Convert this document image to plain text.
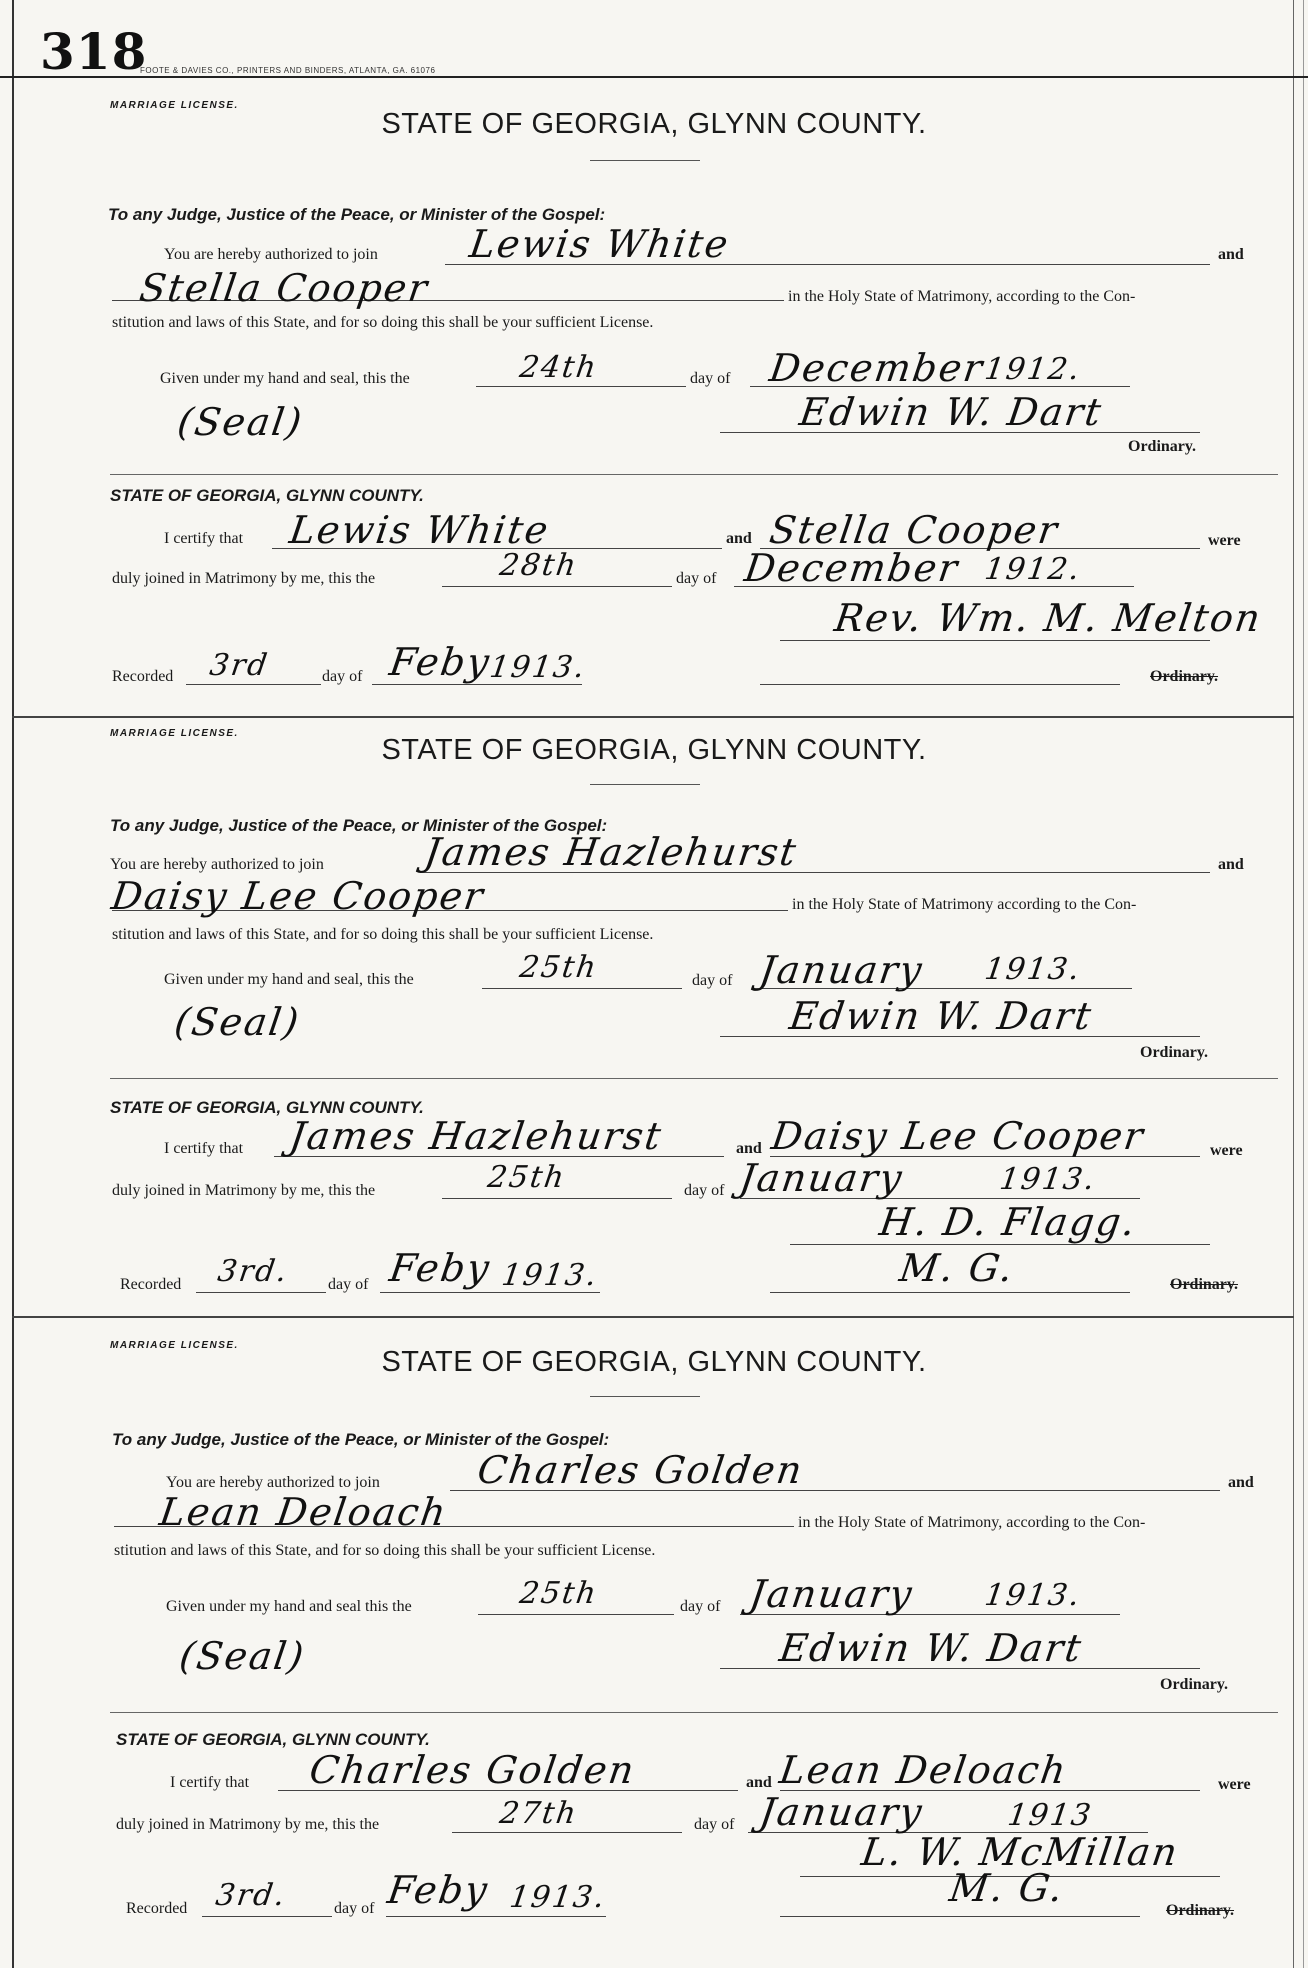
318
FOOTE & DAVIES CO., PRINTERS AND BINDERS, ATLANTA, GA. 61076
MARRIAGE LICENSE.
STATE OF GEORGIA, GLYNN COUNTY.
To any Judge, Justice of the Peace, or Minister of the Gospel:
You are hereby authorized to join Lewis White	and
Stella Cooper	in the Holy State of Matrimony, according to the Con-
stitution and laws of this State, and for so doing this shall be your sufficient License.
Given under my hand and seal, this the	24th	day of December
1912.
(Seal)	Edwin W. Dart
Ordinary.
STATE OF GEORGIA, GLYNN COUNTY.
I certify that Lewis White	and Stella Cooper	were
duly joined in Matrimony by me, this the	28th	day of December 1912.
Rev. Wm. M. Melton
Recorded 3rd	day of Feby
1913.	Ordinary.
MARRIAGE LICENSE.
STATE OF GEORGIA, GLYNN COUNTY.
To any Judge, Justice of the Peace, or Minister of the Gospel:
You are hereby authorized to join	James Hazlehurst	and
Daisy Lee Cooper	in the Holy State of Matrimony according to the Con-
stitution and laws of this State, and for so doing this shall be your sufficient License.
Given under my hand and seal, this the	25th	day of January 1913.
(Seal)	Edwin W. Dart
Ordinary.
STATE OF GEORGIA, GLYNN COUNTY.
I certify that James Hazlehurst	and Daisy Lee Cooper	were
duly joined in Matrimony by me, this the	25th	day of January	1913.
H. D. Flagg.
Recorded 3rd. day of Feby 1913.	M. G.	Ordinary.
MARRIAGE LICENSE.
STATE OF GEORGIA, GLYNN COUNTY.
To any Judge, Justice of the Peace, or Minister of the Gospel:
You are hereby authorized to join	Charles Golden	and
Lean Deloach	in the Holy State of Matrimony, according to the Con-
stitution and laws of this State, and for so doing this shall be your sufficient License.
Given under my hand and seal this the	25th	day of January 1913.
(Seal)	Edwin W. Dart
Ordinary.
STATE OF GEORGIA, GLYNN COUNTY.
I certify that Charles Golden	and Lean Deloach	were
duly joined in Matrimony by me, this the	27th	day of January	1913
L. W. McMillan
Recorded 3rd.	day of Feby 1913.	M. G.
Ordinary.
